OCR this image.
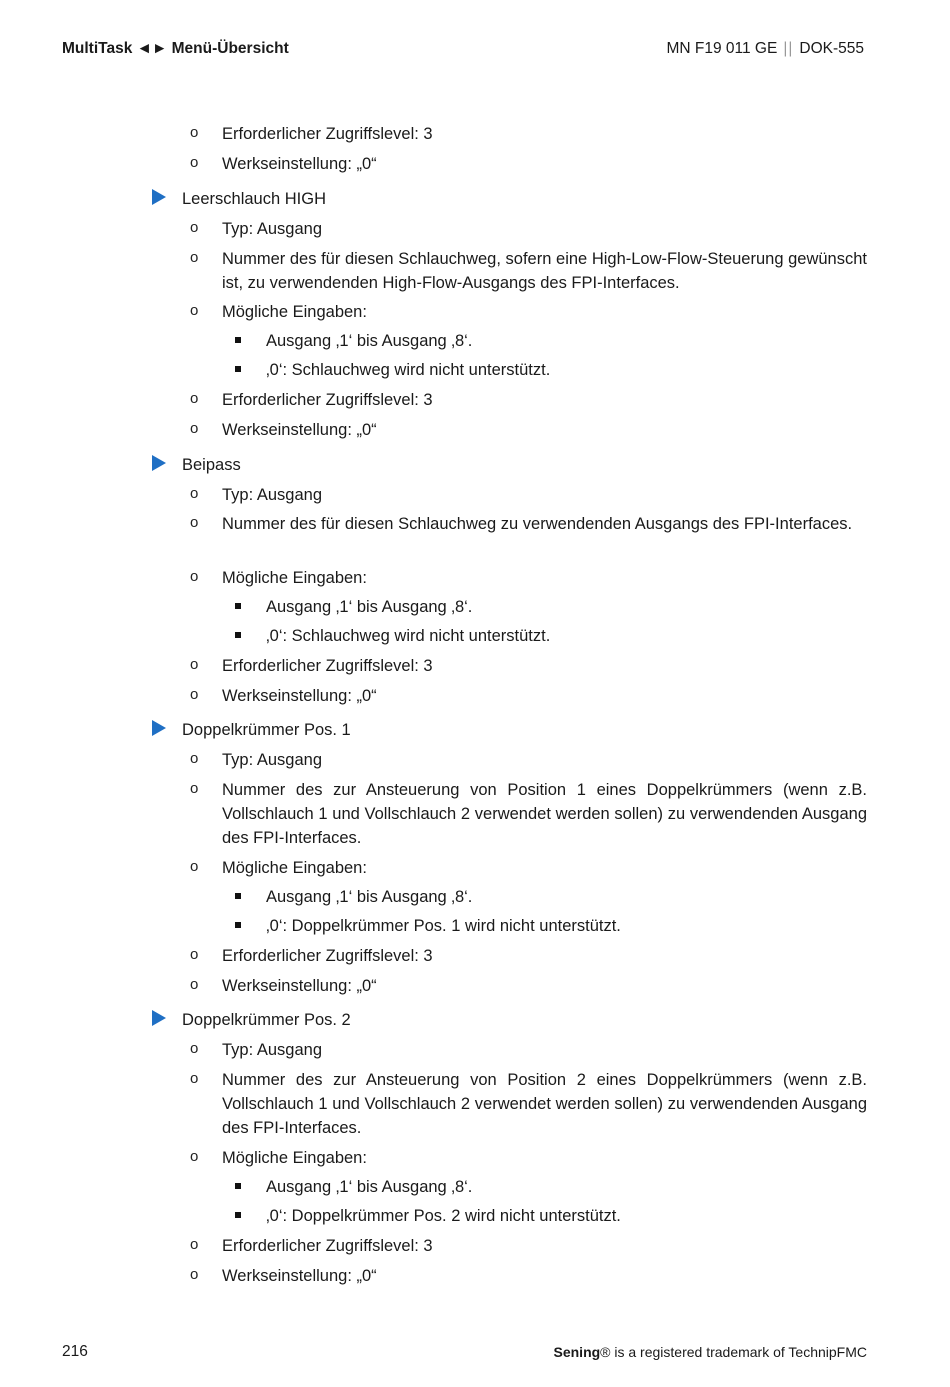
MultiTask ◄► Menü-Übersicht	MN F19 011 GE || DOK-555
o Erforderlicher Zugriffslevel: 3
o Werkseinstellung: „0“
Leerschlauch HIGH
o Typ: Ausgang
o Nummer des für diesen Schlauchweg, sofern eine High-Low-Flow-Steuerung gewünscht ist, zu verwendenden High-Flow-Ausgangs des FPI-Interfaces.
o Mögliche Eingaben:
Ausgang ‚1‘ bis Ausgang ‚8‘.
‚0‘: Schlauchweg wird nicht unterstützt.
o Erforderlicher Zugriffslevel: 3
o Werkseinstellung: „0“
Beipass
o Typ: Ausgang
o Nummer des für diesen Schlauchweg zu verwendenden Ausgangs des FPI-Interfaces.
o Mögliche Eingaben:
Ausgang ‚1‘ bis Ausgang ‚8‘.
‚0‘: Schlauchweg wird nicht unterstützt.
o Erforderlicher Zugriffslevel: 3
o Werkseinstellung: „0“
Doppelkrümmer Pos. 1
o Typ: Ausgang
o Nummer des zur Ansteuerung von Position 1 eines Doppelkrümmers (wenn z.B. Vollschlauch 1 und Vollschlauch 2 verwendet werden sollen) zu verwendenden Ausgang des FPI-Interfaces.
o Mögliche Eingaben:
Ausgang ‚1‘ bis Ausgang ‚8‘.
‚0‘: Doppelkrümmer Pos. 1 wird nicht unterstützt.
o Erforderlicher Zugriffslevel: 3
o Werkseinstellung: „0“
Doppelkrümmer Pos. 2
o Typ: Ausgang
o Nummer des zur Ansteuerung von Position 2 eines Doppelkrümmers (wenn z.B. Vollschlauch 1 und Vollschlauch 2 verwendet werden sollen) zu verwendenden Ausgang des FPI-Interfaces.
o Mögliche Eingaben:
Ausgang ‚1‘ bis Ausgang ‚8‘.
‚0‘: Doppelkrümmer Pos. 2 wird nicht unterstützt.
o Erforderlicher Zugriffslevel: 3
o Werkseinstellung: „0“
216	Sening® is a registered trademark of TechnipFMC
